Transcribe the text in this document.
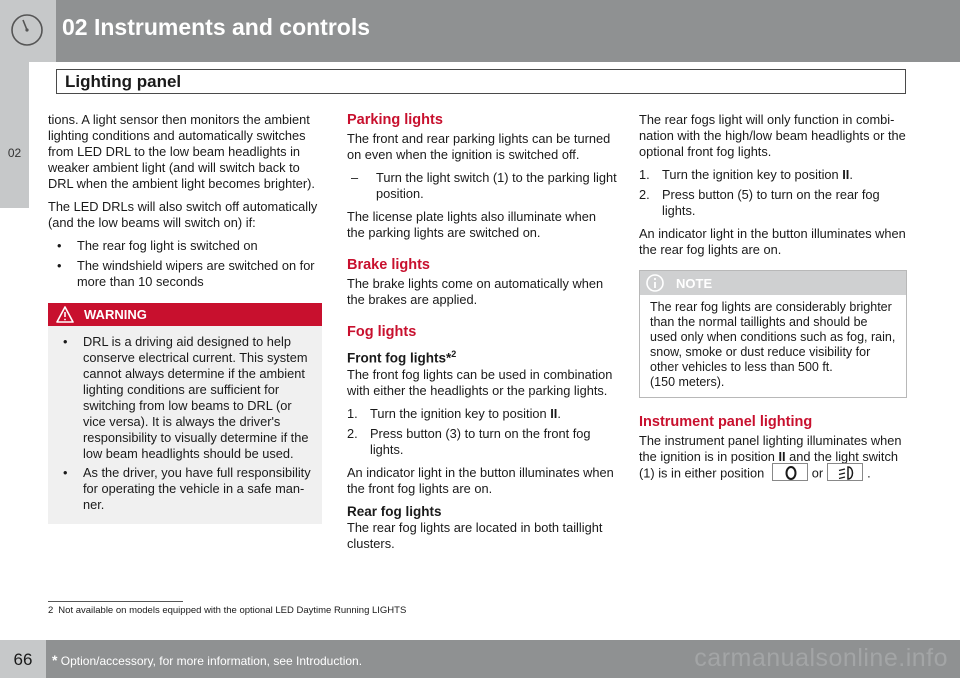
02 Instruments and controls
Lighting panel
02

tions. A light sensor then monitors the ambient lighting conditions and automatically switches from LED DRL to the low beam headlights in weaker ambient light (and will switch back to DRL when the ambient light becomes brighter).

The LED DRLs will also switch off automatically (and the low beams will switch on) if:

• The rear fog light is switched on
• The windshield wipers are switched on for more than 10 seconds
WARNING
• DRL is a driving aid designed to help conserve electrical current. This system cannot always determine if the ambient lighting conditions are sufficient for switching from low beams to DRL (or vice versa). It is always the driver's responsibility to visually determine if the low beam headlights should be used.
• As the driver, you have full responsibility for operating the vehicle in a safe man-ner.
Parking lights

The front and rear parking lights can be turned on even when the ignition is switched off.

– Turn the light switch (1) to the parking light position.

The license plate lights also illuminate when the parking lights are switched on.

Brake lights

The brake lights come on automatically when the brakes are applied.

Fog lights
Front fog lights*$^2$

The front fog lights can be used in combination with either the headlights or the parking lights.

1. Turn the ignition key to position II.
2. Press button (3) to turn on the front fog lights.

An indicator light in the button illuminates when the front fog lights are on.

Rear fog lights

The rear fog lights are located in both taillight clusters.

The rear fogs light will only function in combi-nation with the high/low beam headlights or the optional front fog lights.

1. Turn the ignition key to position II.
2. Press button (5) to turn on the rear fog lights.

An indicator light in the button illuminates when the rear fog lights are on.

NOTE
The rear fog lights are considerably brighter
than the normal taillights and should be
used only when conditions such as fog, rain,
snow, smoke or dust reduce visibility for
other vehicles to less than 500 ft.
(150 meters).
Instrument panel lighting

The instrument panel lighting illuminates when the ignition is in position II and the light switch (1) is in either position	or	.

2 Not available on models equipped with the optional LED Daytime Running LIGHTS
66	* Option/accessory, for more information, see Introduction.	carmanualsonline.info
